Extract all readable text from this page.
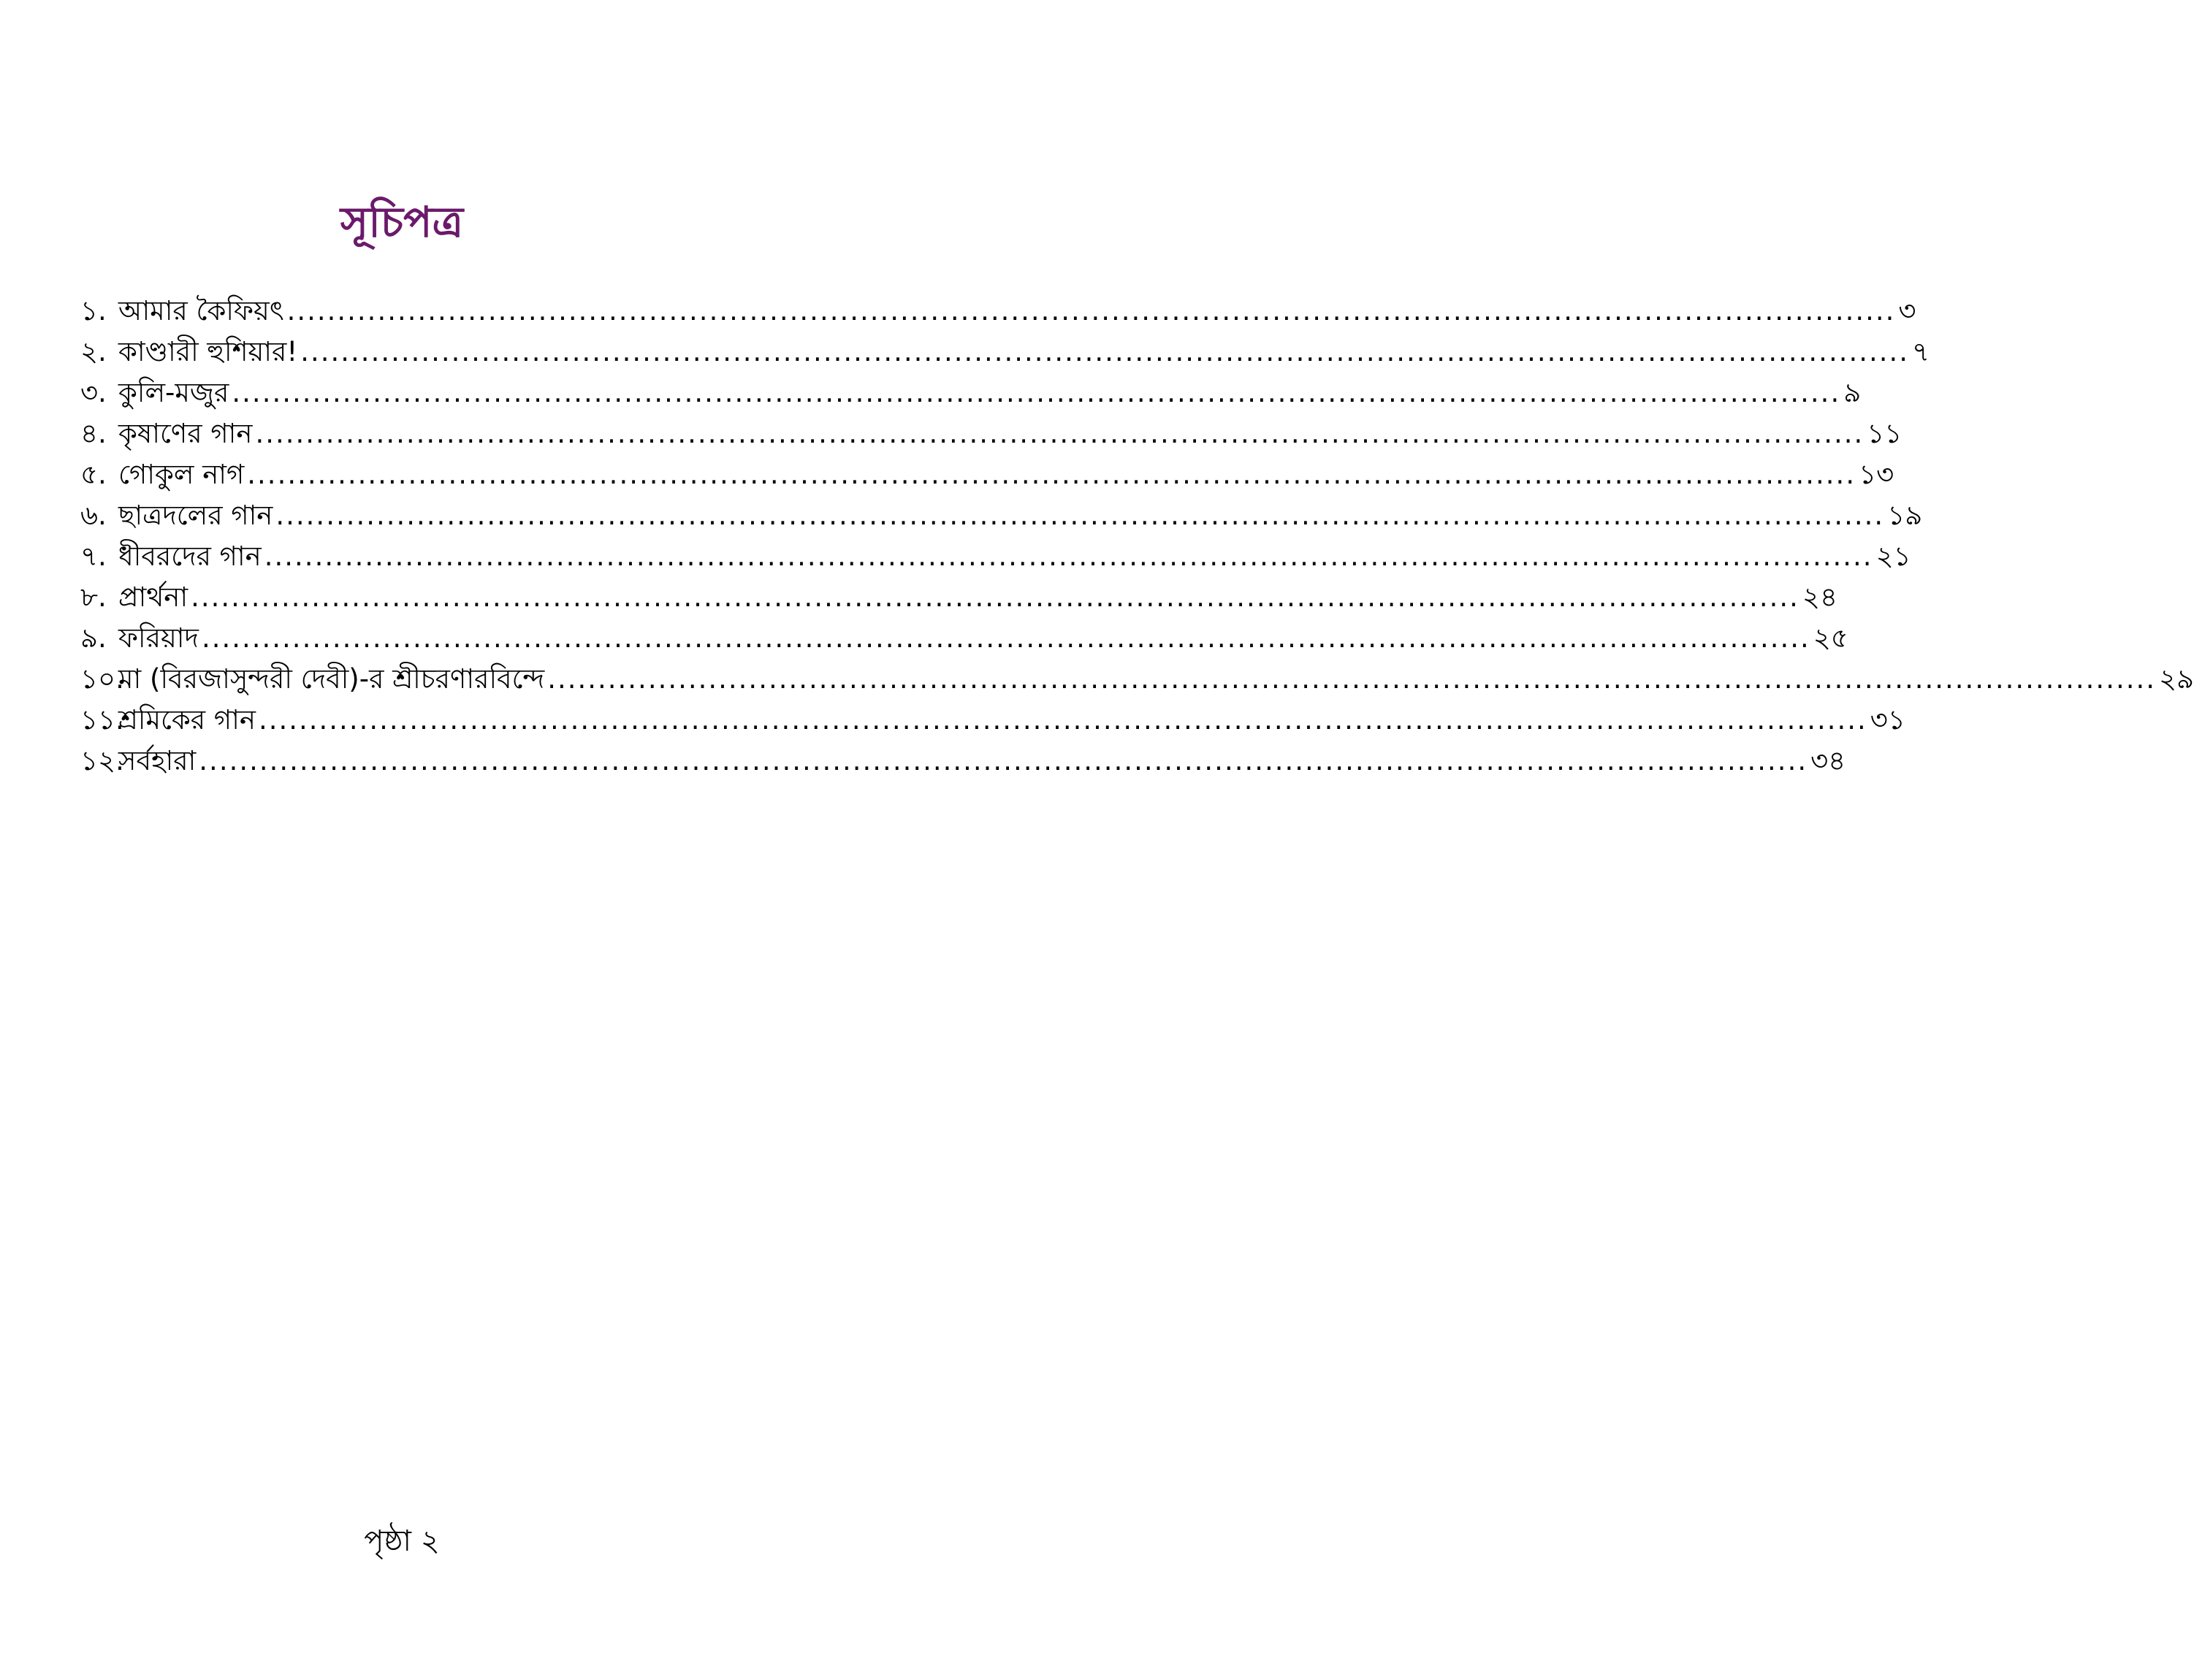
সূচিপত্র
১. আমার কৈফিয়ৎ ................................................................................................................................................................ ৩
২. কাণ্ডারী হুশিয়ার! ................................................................................................................................................................ ৭
৩. কুলি-মজুর ................................................................................................................................................................ ৯
৪. কৃষাণের গান ................................................................................................................................................................ ১১
৫. গোকুল নাগ ................................................................................................................................................................ ১৩
৬. ছাত্রদলের গান ................................................................................................................................................................ ১৯
৭. ধীবরদের গান ................................................................................................................................................................ ২১
৮. প্রার্থনা ................................................................................................................................................................ ২৪
৯. ফরিয়াদ ................................................................................................................................................................ ২৫
১০.
মা (বিরজাসুন্দরী দেবী)-র শ্রীচরণারবিন্দে ................................................................................................................................................................ ২৯
১১.
শ্রমিকের গান ................................................................................................................................................................ ৩১
১২.
সর্বহারা ................................................................................................................................................................ ৩৪
পৃষ্ঠা ২
